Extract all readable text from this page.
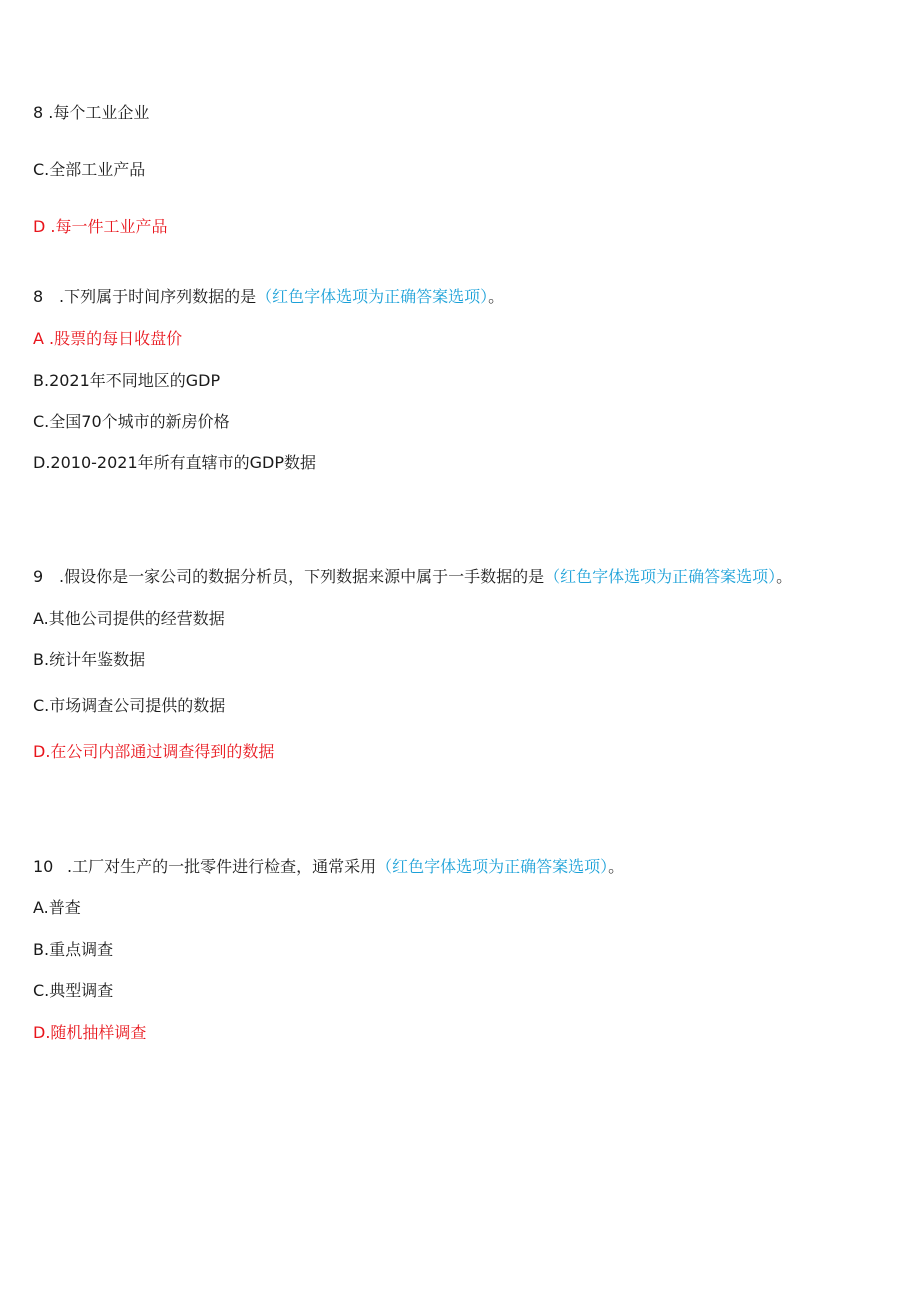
8 .每个工业企业
C.全部工业产品
D .每一件工业产品
8 .下列属于时间序列数据的是（红色字体选项为正确答案选项）。
A .股票的每日收盘价
B.2021年不同地区的GDP
C.全国70个城市的新房价格
D.2010-2021年所有直辖市的GDP数据
9 .假设你是一家公司的数据分析员，下列数据来源中属于一手数据的是（红色字体选项为正确答案选项）。
A.其他公司提供的经营数据
B.统计年鉴数据
C.市场调查公司提供的数据
D.在公司内部通过调查得到的数据
10 .工厂对生产的一批零件进行检查，通常采用（红色字体选项为正确答案选项）。
A.普查
B.重点调查
C.典型调查
D.随机抽样调查
